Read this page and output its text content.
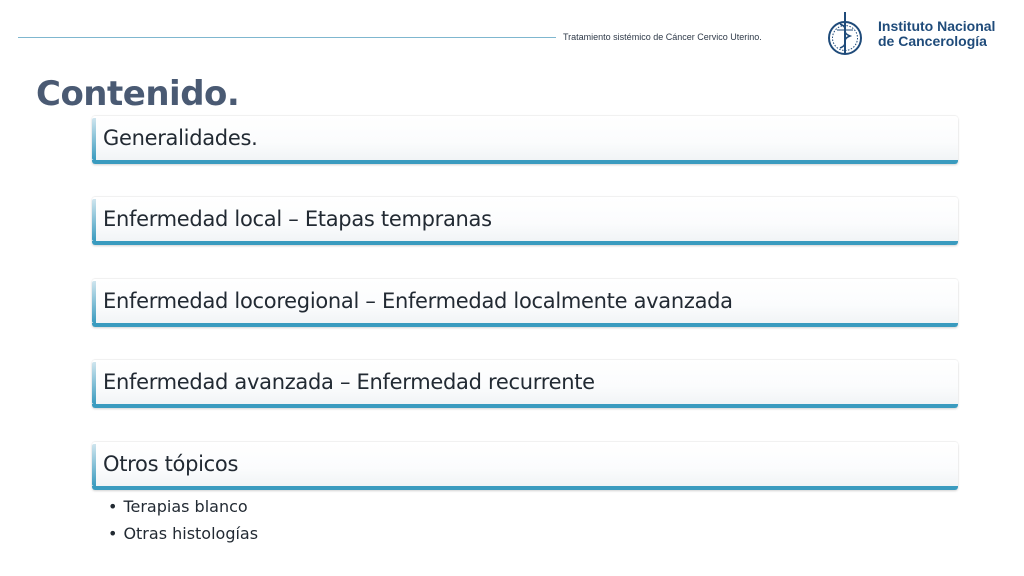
Tratamiento sistémico de Cáncer Cervico Uterino.
Instituto Nacional
de Cancerología
Contenido.
Generalidades.
Enfermedad local – Etapas tempranas
Enfermedad locoregional – Enfermedad localmente avanzada
Enfermedad avanzada – Enfermedad recurrente
Otros tópicos
• Terapias blanco
• Otras histologías
